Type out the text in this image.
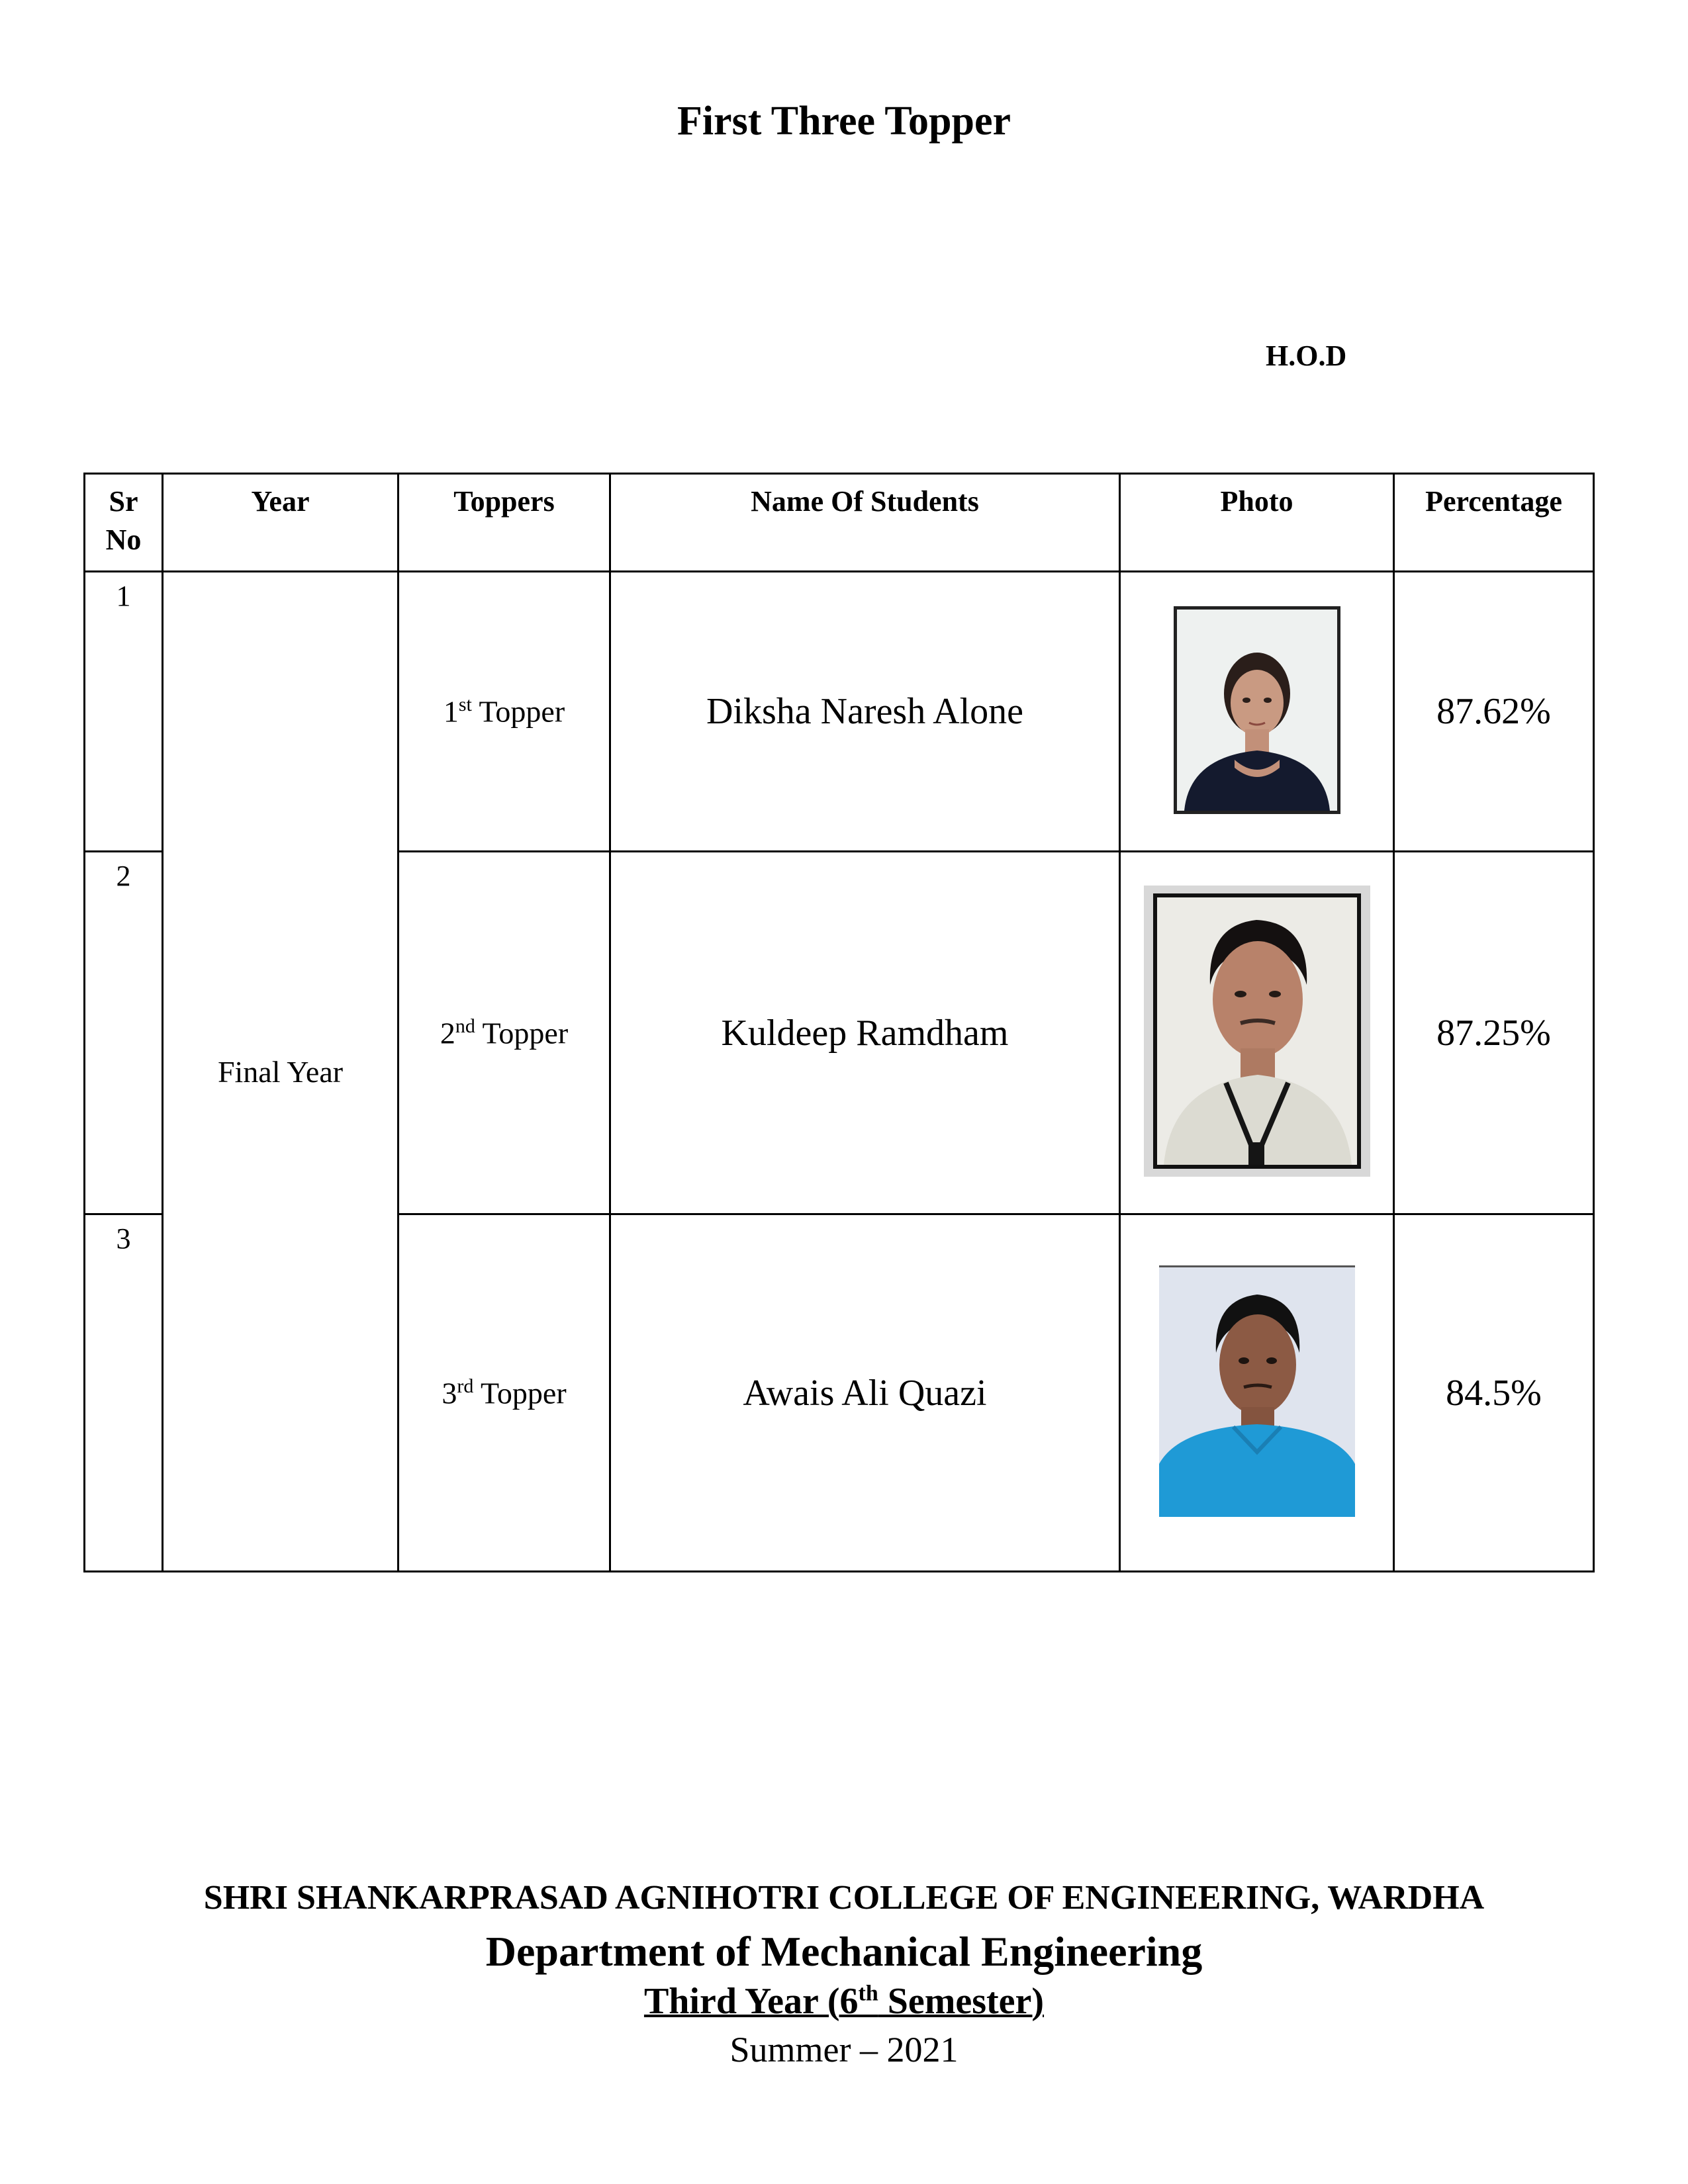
First Three Topper
H.O.D
Sr No	Year	Toppers	Name Of Students	Photo	Percentage
1	Final Year	1st Topper	Diksha Naresh Alone		87.62%
2		2nd Topper	Kuldeep Ramdham		87.25%
3		3rd Topper	Awais Ali Quazi		84.5%
SHRI SHANKARPRASAD AGNIHOTRI COLLEGE OF ENGINEERING, WARDHA
Department of Mechanical Engineering
Third Year (6th Semester)
Summer – 2021
